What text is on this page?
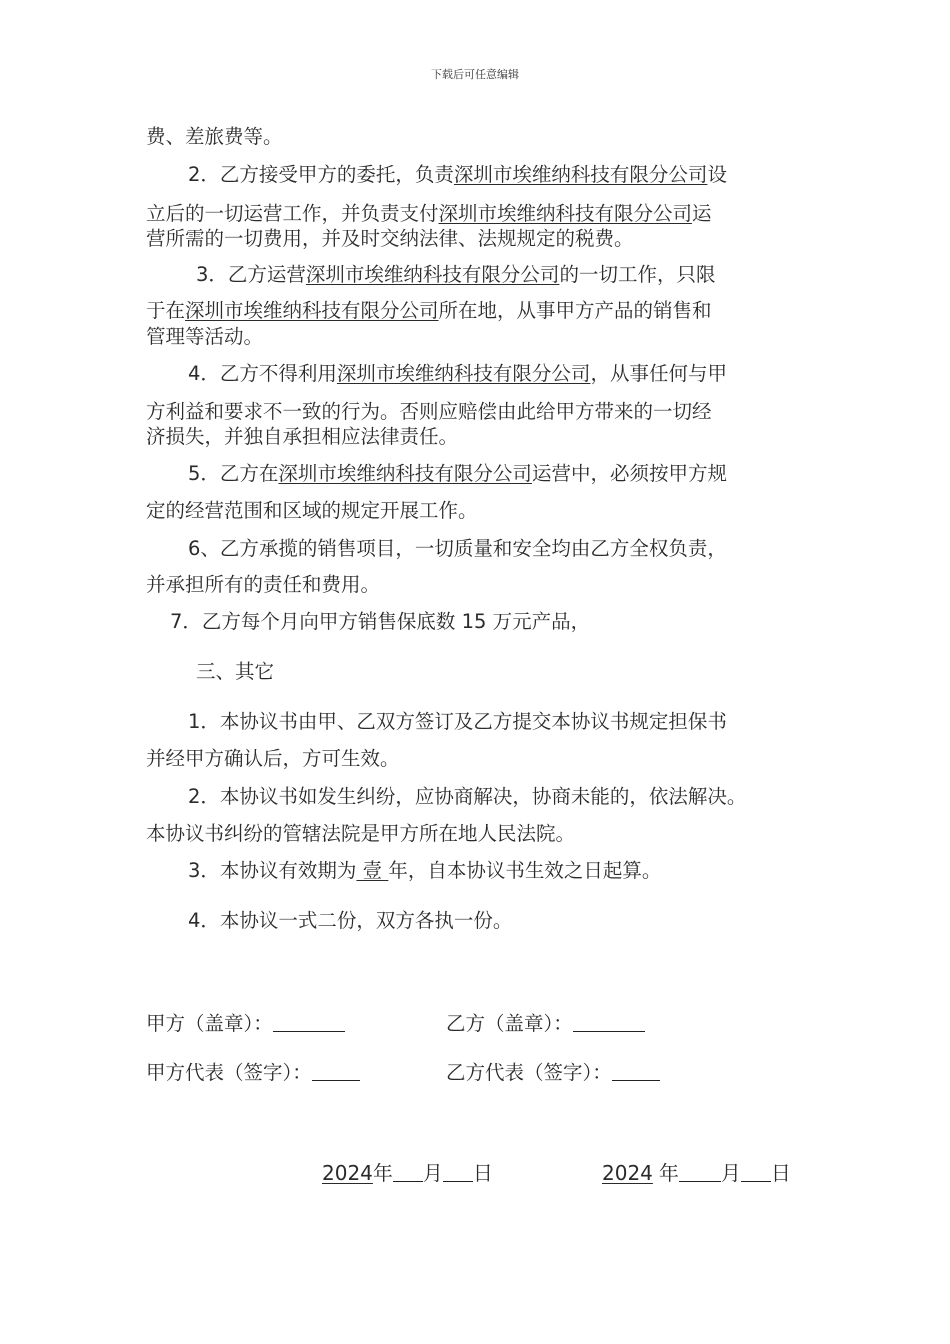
下载后可任意编辑
费、差旅费等。
2．乙方接受甲方的委托，负责深圳市埃维纳科技有限分公司设
立后的一切运营工作，并负责支付深圳市埃维纳科技有限分公司运
营所需的一切费用，并及时交纳法律、法规规定的税费。
3．乙方运营深圳市埃维纳科技有限分公司的一切工作，只限
于在深圳市埃维纳科技有限分公司所在地，从事甲方产品的销售和
管理等活动。
4．乙方不得利用深圳市埃维纳科技有限分公司，从事任何与甲
方利益和要求不一致的行为。否则应赔偿由此给甲方带来的一切经
济损失，并独自承担相应法律责任。
5．乙方在深圳市埃维纳科技有限分公司运营中，必须按甲方规
定的经营范围和区域的规定开展工作。
6、乙方承揽的销售项目，一切质量和安全均由乙方全权负责，
并承担所有的责任和费用。
7．乙方每个月向甲方销售保底数 15 万元产品，
三、其它
1．本协议书由甲、乙双方签订及乙方提交本协议书规定担保书
并经甲方确认后，方可生效。
2．本协议书如发生纠纷，应协商解决，协商未能的，依法解决。
本协议书纠纷的管辖法院是甲方所在地人民法院。
3．本协议有效期为 壹 年，自本协议书生效之日起算。
4．本协议一式二份，双方各执一份。
甲方（盖章）：	乙方（盖章）：
甲方代表（签字）：	乙方代表（签字）：
2024年 月 日	2024 年 月 日
